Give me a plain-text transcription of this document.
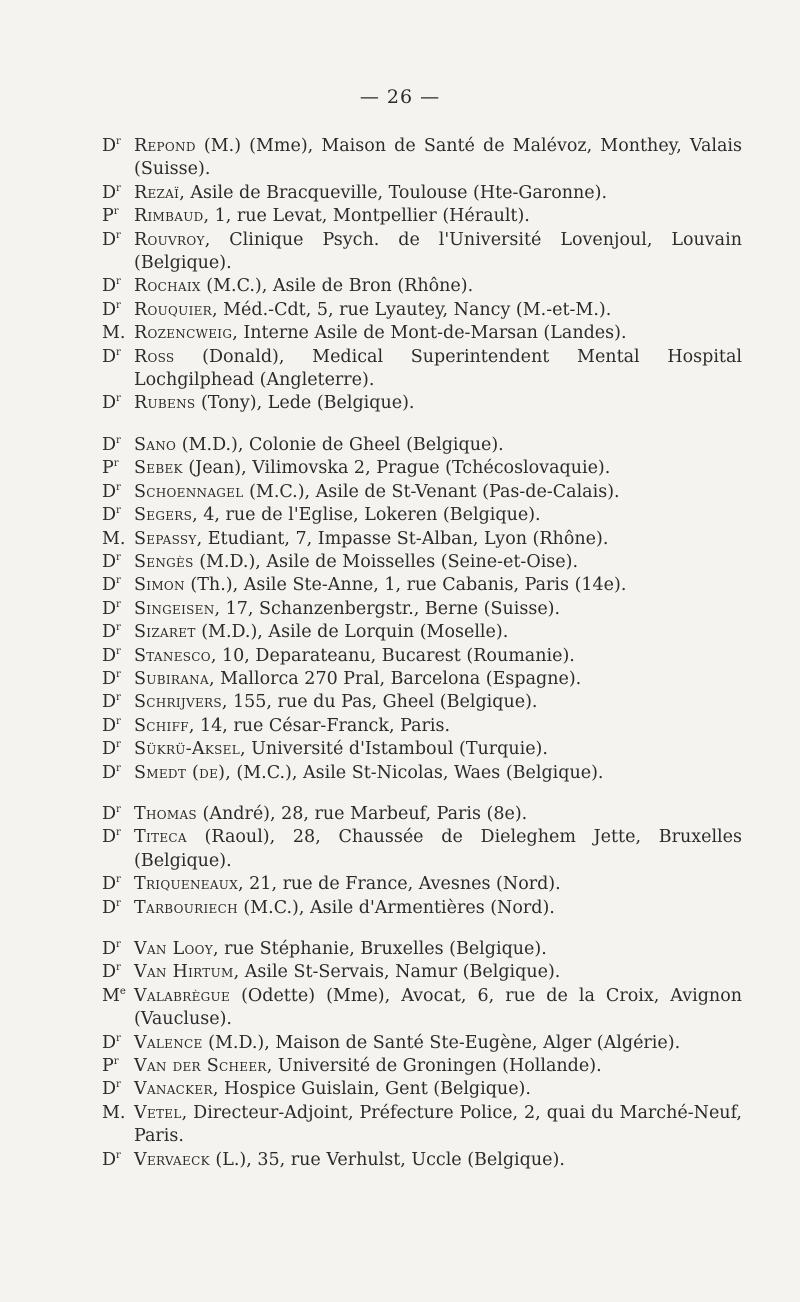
— 26 —
$D^r$ Repond (M.) (Mme), Maison de Santé de Malévoz, Monthey, Valais (Suisse).
$D^r$ Rezaï, Asile de Bracqueville, Toulouse (Hte-Garonne).
$P^r$ Rimbaud, 1, rue Levat, Montpellier (Hérault).
$D^r$ Rouvroy, Clinique Psych. de l'Université Lovenjoul, Louvain (Belgique).
$D^r$ Rochaix (M.C.), Asile de Bron (Rhône).
$D^r$ Rouquier, Méd.-Cdt, 5, rue Lyautey, Nancy (M.-et-M.).
M. Rozencweig, Interne Asile de Mont-de-Marsan (Landes).
$D^r$ Ross (Donald), Medical Superintendent Mental Hospital Lochgilphead (Angleterre).
$D^r$ Rubens (Tony), Lede (Belgique).
$D^r$ Sano (M.D.), Colonie de Gheel (Belgique).
$P^r$ Sebek (Jean), Vilimovska 2, Prague (Tchécoslovaquie).
$D^r$ Schoennagel (M.C.), Asile de St-Venant (Pas-de-Calais).
$D^r$ Segers, 4, rue de l'Eglise, Lokeren (Belgique).
M. Sepassy, Etudiant, 7, Impasse St-Alban, Lyon (Rhône).
$D^r$ Sengès (M.D.), Asile de Moisselles (Seine-et-Oise).
$D^r$ Simon (Th.), Asile Ste-Anne, 1, rue Cabanis, Paris (14e).
$D^r$ Singeisen, 17, Schanzenbergstr., Berne (Suisse).
$D^r$ Sizaret (M.D.), Asile de Lorquin (Moselle).
$D^r$ Stanesco, 10, Deparateanu, Bucarest (Roumanie).
$D^r$ Subirana, Mallorca 270 Pral, Barcelona (Espagne).
$D^r$ Schrijvers, 155, rue du Pas, Gheel (Belgique).
$D^r$ Schiff, 14, rue César-Franck, Paris.
$D^r$ Sükrü-Aksel, Université d'Istamboul (Turquie).
$D^r$ Smedt (de), (M.C.), Asile St-Nicolas, Waes (Belgique).
$D^r$ Thomas (André), 28, rue Marbeuf, Paris (8e).
$D^r$ Titeca (Raoul), 28, Chaussée de Dieleghem Jette, Bruxelles (Belgique).
$D^r$ Triqueneaux, 21, rue de France, Avesnes (Nord).
$D^r$ Tarbouriech (M.C.), Asile d'Armentières (Nord).
$D^r$ Van Looy, rue Stéphanie, Bruxelles (Belgique).
$D^r$ Van Hirtum, Asile St-Servais, Namur (Belgique).
Me Valabrègue (Odette) (Mme), Avocat, 6, rue de la Croix, Avignon (Vaucluse).
$D^r$ Valence (M.D.), Maison de Santé Ste-Eugène, Alger (Algérie).
$P^r$ Van der Scheer, Université de Groningen (Hollande).
$D^r$ Vanacker, Hospice Guislain, Gent (Belgique).
M. Vetel, Directeur-Adjoint, Préfecture Police, 2, quai du Marché-Neuf, Paris.
$D^r$ Vervaeck (L.), 35, rue Verhulst, Uccle (Belgique).
